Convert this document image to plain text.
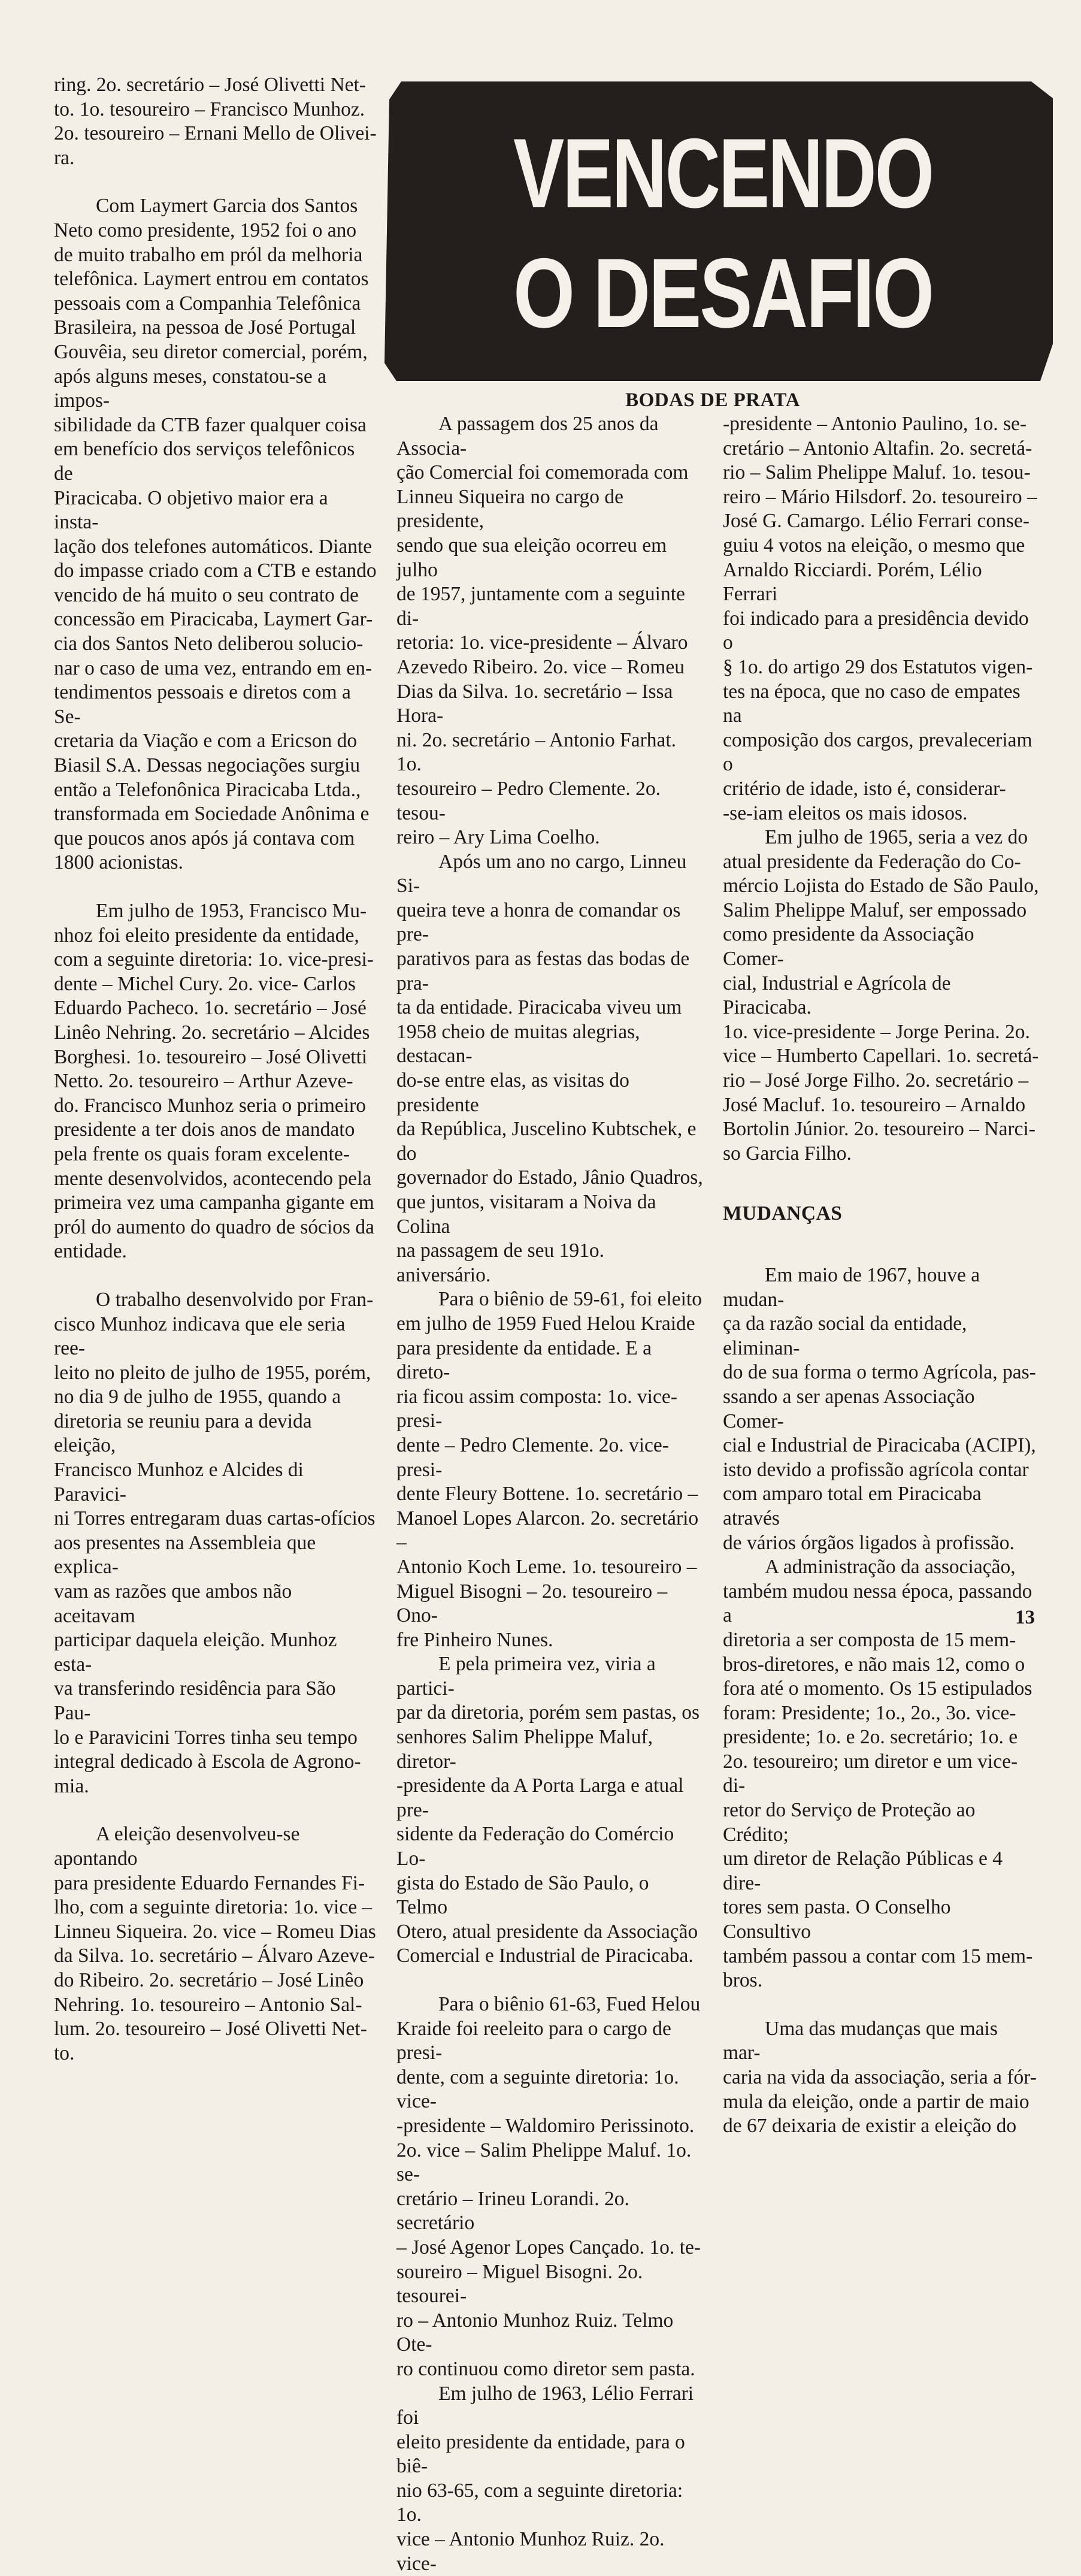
VENCENDO
O DESAFIO

ring. 2o. secretário – José Olivetti Net-

to. 1o. tesoureiro – Francisco Munhoz.

2o. tesoureiro – Ernani Mello de Olivei-

ra.

Com Laymert Garcia dos Santos

Neto como presidente, 1952 foi o ano

de muito trabalho em pról da melhoria

telefônica. Laymert entrou em contatos

pessoais com a Companhia Telefônica

Brasileira, na pessoa de José Portugal

Gouvêia, seu diretor comercial, porém,

após alguns meses, constatou-se a impos-

sibilidade da CTB fazer qualquer coisa

em benefício dos serviços telefônicos de

Piracicaba. O objetivo maior era a insta-

lação dos telefones automáticos. Diante

do impasse criado com a CTB e estando

vencido de há muito o seu contrato de

concessão em Piracicaba, Laymert Gar-

cia dos Santos Neto deliberou solucio-

nar o caso de uma vez, entrando em en-

tendimentos pessoais e diretos com a Se-

cretaria da Viação e com a Ericson do

Biasil S.A. Dessas negociações surgiu

então a Telefonônica Piracicaba Ltda.,

transformada em Sociedade Anônima e

que poucos anos após já contava com

1800 acionistas.

Em julho de 1953, Francisco Mu-

nhoz foi eleito presidente da entidade,

com a seguinte diretoria: 1o. vice-presi-

dente – Michel Cury. 2o. vice- Carlos

Eduardo Pacheco. 1o. secretário – José

Linêo Nehring. 2o. secretário – Alcides

Borghesi. 1o. tesoureiro – José Olivetti

Netto. 2o. tesoureiro – Arthur Azeve-

do. Francisco Munhoz seria o primeiro

presidente a ter dois anos de mandato

pela frente os quais foram excelente-

mente desenvolvidos, acontecendo pela

primeira vez uma campanha gigante em

pról do aumento do quadro de sócios da

entidade.

O trabalho desenvolvido por Fran-

cisco Munhoz indicava que ele seria ree-

leito no pleito de julho de 1955, porém,

no dia 9 de julho de 1955, quando a

diretoria se reuniu para a devida eleição,

Francisco Munhoz e Alcides di Paravici-

ni Torres entregaram duas cartas-ofícios

aos presentes na Assembleia que explica-

vam as razões que ambos não aceitavam

participar daquela eleição. Munhoz esta-

va transferindo residência para São Pau-

lo e Paravicini Torres tinha seu tempo

integral dedicado à Escola de Agrono-

mia.

A eleição desenvolveu-se apontando

para presidente Eduardo Fernandes Fi-

lho, com a seguinte diretoria: 1o. vice –

Linneu Siqueira. 2o. vice – Romeu Dias

da Silva. 1o. secretário – Álvaro Azeve-

do Ribeiro. 2o. secretário – José Linêo

Nehring. 1o. tesoureiro – Antonio Sal-

lum. 2o. tesoureiro – José Olivetti Net-

to.

BODAS DE PRATA

A passagem dos 25 anos da Associa-

ção Comercial foi comemorada com

Linneu Siqueira no cargo de presidente,

sendo que sua eleição ocorreu em julho

de 1957, juntamente com a seguinte di-

retoria: 1o. vice-presidente – Álvaro

Azevedo Ribeiro. 2o. vice – Romeu

Dias da Silva. 1o. secretário – Issa Hora-

ni. 2o. secretário – Antonio Farhat. 1o.

tesoureiro – Pedro Clemente. 2o. tesou-

reiro – Ary Lima Coelho.

Após um ano no cargo, Linneu Si-

queira teve a honra de comandar os pre-

parativos para as festas das bodas de pra-

ta da entidade. Piracicaba viveu um

1958 cheio de muitas alegrias, destacan-

do-se entre elas, as visitas do presidente

da República, Juscelino Kubtschek, e do

governador do Estado, Jânio Quadros,

que juntos, visitaram a Noiva da Colina

na passagem de seu 191o. aniversário.

Para o biênio de 59-61, foi eleito

em julho de 1959 Fued Helou Kraide

para presidente da entidade. E a direto-

ria ficou assim composta: 1o. vice-presi-

dente – Pedro Clemente. 2o. vice-presi-

dente Fleury Bottene. 1o. secretário –

Manoel Lopes Alarcon. 2o. secretário –

Antonio Koch Leme. 1o. tesoureiro –

Miguel Bisogni – 2o. tesoureiro – Ono-

fre Pinheiro Nunes.

E pela primeira vez, viria a partici-

par da diretoria, porém sem pastas, os

senhores Salim Phelippe Maluf, diretor-

-presidente da A Porta Larga e atual pre-

sidente da Federação do Comércio Lo-

gista do Estado de São Paulo, o Telmo

Otero, atual presidente da Associação

Comercial e Industrial de Piracicaba.

Para o biênio 61-63, Fued Helou

Kraide foi reeleito para o cargo de presi-

dente, com a seguinte diretoria: 1o. vice-

-presidente – Waldomiro Perissinoto.

2o. vice – Salim Phelippe Maluf. 1o. se-

cretário – Irineu Lorandi. 2o. secretário

– José Agenor Lopes Cançado. 1o. te-

soureiro – Miguel Bisogni. 2o. tesourei-

ro – Antonio Munhoz Ruiz. Telmo Ote-

ro continuou como diretor sem pasta.

Em julho de 1963, Lélio Ferrari foi

eleito presidente da entidade, para o biê-

nio 63-65, com a seguinte diretoria: 1o.

vice – Antonio Munhoz Ruiz. 2o. vice-

-presidente – Antonio Paulino, 1o. se-

cretário – Antonio Altafin. 2o. secretá-

rio – Salim Phelippe Maluf. 1o. tesou-

reiro – Mário Hilsdorf. 2o. tesoureiro –

José G. Camargo. Lélio Ferrari conse-

guiu 4 votos na eleição, o mesmo que

Arnaldo Ricciardi. Porém, Lélio Ferrari

foi indicado para a presidência devido o

§ 1o. do artigo 29 dos Estatutos vigen-

tes na época, que no caso de empates na

composição dos cargos, prevaleceriam o

critério de idade, isto é, considerar-

-se-iam eleitos os mais idosos.

Em julho de 1965, seria a vez do

atual presidente da Federação do Co-

mércio Lojista do Estado de São Paulo,

Salim Phelippe Maluf, ser empossado

como presidente da Associação Comer-

cial, Industrial e Agrícola de Piracicaba.

1o. vice-presidente – Jorge Perina. 2o.

vice – Humberto Capellari. 1o. secretá-

rio – José Jorge Filho. 2o. secretário –

José Macluf. 1o. tesoureiro – Arnaldo

Bortolin Júnior. 2o. tesoureiro – Narci-

so Garcia Filho.

MUDANÇAS

Em maio de 1967, houve a mudan-

ça da razão social da entidade, eliminan-

do de sua forma o termo Agrícola, pas-

ssando a ser apenas Associação Comer-

cial e Industrial de Piracicaba (ACIPI),

isto devido a profissão agrícola contar

com amparo total em Piracicaba através

de vários órgãos ligados à profissão.

A administração da associação,

também mudou nessa época, passando a

diretoria a ser composta de 15 mem-

bros-diretores, e não mais 12, como o

fora até o momento. Os 15 estipulados

foram: Presidente; 1o., 2o., 3o. vice-

presidente; 1o. e 2o. secretário; 1o. e

2o. tesoureiro; um diretor e um vice-di-

retor do Serviço de Proteção ao Crédito;

um diretor de Relação Públicas e 4 dire-

tores sem pasta. O Conselho Consultivo

também passou a contar com 15 mem-

bros.

Uma das mudanças que mais mar-

caria na vida da associação, seria a fór-

mula da eleição, onde a partir de maio

de 67 deixaria de existir a eleição do

13
